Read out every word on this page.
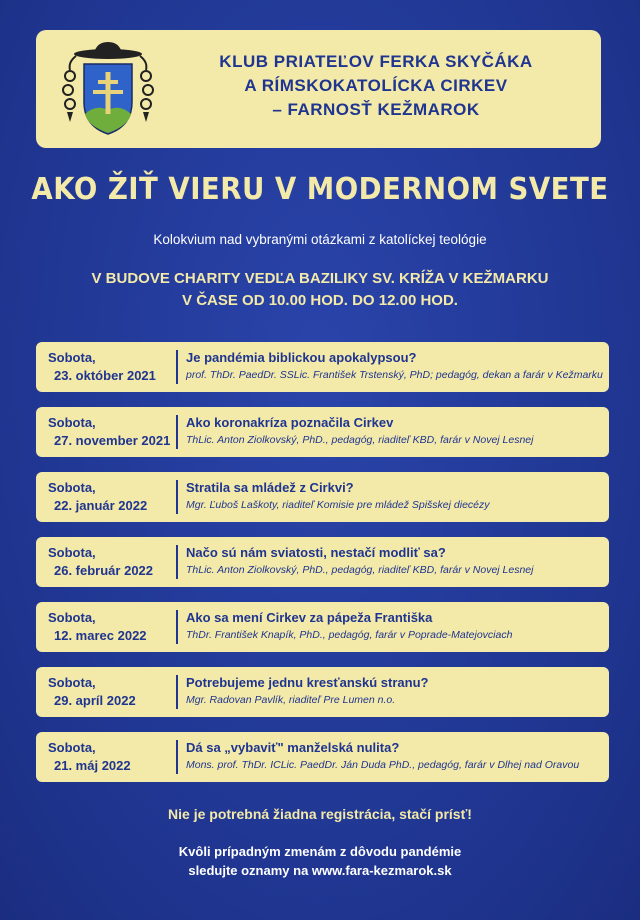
KLUB PRIATEĽOV FERKA SKYČÁKA
A RÍMSKOKATOLÍCKA CIRKEV
– FARNOSŤ KEŽMAROK
AKO ŽIŤ VIERU V MODERNOM SVETE
Kolokvium nad vybranými otázkami z katolíckej teológie
V BUDOVE CHARITY VEDĽA BAZILIKY SV. KRÍŽA V KEŽMARKU
V ČASE OD 10.00 HOD. DO 12.00 HOD.
Sobota,
23. október 2021
Je pandémia biblickou apokalypsou?
prof. ThDr. PaedDr. SSLic. František Trstenský, PhD; pedagóg, dekan a farár v Kežmarku
Sobota,
27. november 2021
Ako koronakríza poznačila Cirkev
ThLic. Anton Ziolkovský, PhD., pedagóg, riaditeľ KBD, farár v Novej Lesnej
Sobota,
22. január 2022
Stratila sa mládež z Cirkvi?
Mgr. Ľuboš Laškoty, riaditeľ Komisie pre mládež Spišskej diecézy
Sobota,
26. február 2022
Načo sú nám sviatosti, nestačí modliť sa?
ThLic. Anton Ziolkovský, PhD., pedagóg, riaditeľ KBD, farár v Novej Lesnej
Sobota,
12. marec 2022
Ako sa mení Cirkev za pápeža Františka
ThDr. František Knapík, PhD., pedagóg, farár v Poprade-Matejovciach
Sobota,
29. apríl 2022
Potrebujeme jednu kresťanskú stranu?
Mgr. Radovan Pavlík, riaditeľ Pre Lumen n.o.
Sobota,
21. máj 2022
Dá sa „vybaviť" manželská nulita?
Mons. prof. ThDr. ICLic. PaedDr. Ján Duda PhD., pedagóg, farár v Dlhej nad Oravou
Nie je potrebná žiadna registrácia, stačí prísť!
Kvôli prípadným zmenám z dôvodu pandémie
sledujte oznamy na www.fara-kezmarok.sk
